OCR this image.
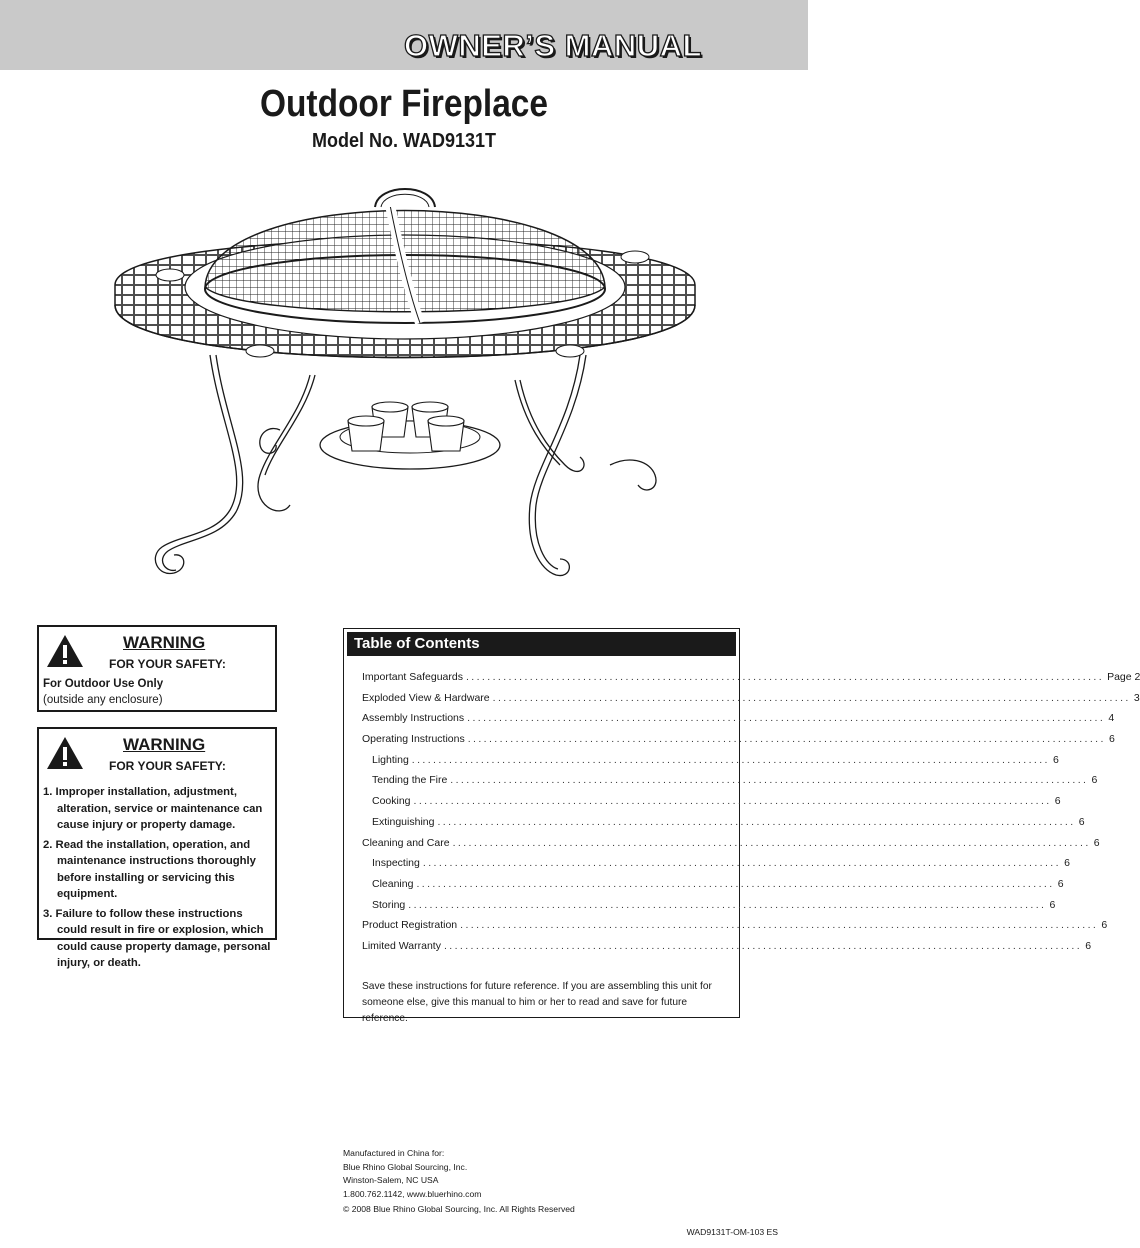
OWNER’S MANUAL
Outdoor Fireplace
Model No. WAD9131T
WARNING
FOR YOUR SAFETY:
For Outdoor Use Only
(outside any enclosure)
WARNING
FOR YOUR SAFETY:
1. Improper installation, adjustment, alteration, service or maintenance can cause injury or property damage.
2. Read the installation, operation, and maintenance instructions thoroughly before installing or servicing this equipment.
3. Failure to follow these instructions could result in fire or explosion, which could cause property damage, personal injury, or death.
Table of Contents
Important Safeguards ........................................................................................................................ Page 2
Exploded View & Hardware ........................................................................................................................ 3
Assembly Instructions ........................................................................................................................ 4
Operating Instructions ........................................................................................................................ 6
Lighting ........................................................................................................................ 6
Tending the Fire ........................................................................................................................ 6
Cooking ........................................................................................................................ 6
Extinguishing ........................................................................................................................ 6
Cleaning and Care ........................................................................................................................ 6
Inspecting ........................................................................................................................ 6
Cleaning ........................................................................................................................ 6
Storing ........................................................................................................................ 6
Product Registration ........................................................................................................................ 6
Limited Warranty ........................................................................................................................ 6
Save these instructions for future reference. If you are assembling this unit for someone else, give this manual to him or her to read and save for future reference.
Manufactured in China for:
Blue Rhino Global Sourcing, Inc.
Winston-Salem, NC USA
1.800.762.1142, www.bluerhino.com
© 2008 Blue Rhino Global Sourcing, Inc. All Rights Reserved
WAD9131T-OM-103 ES
